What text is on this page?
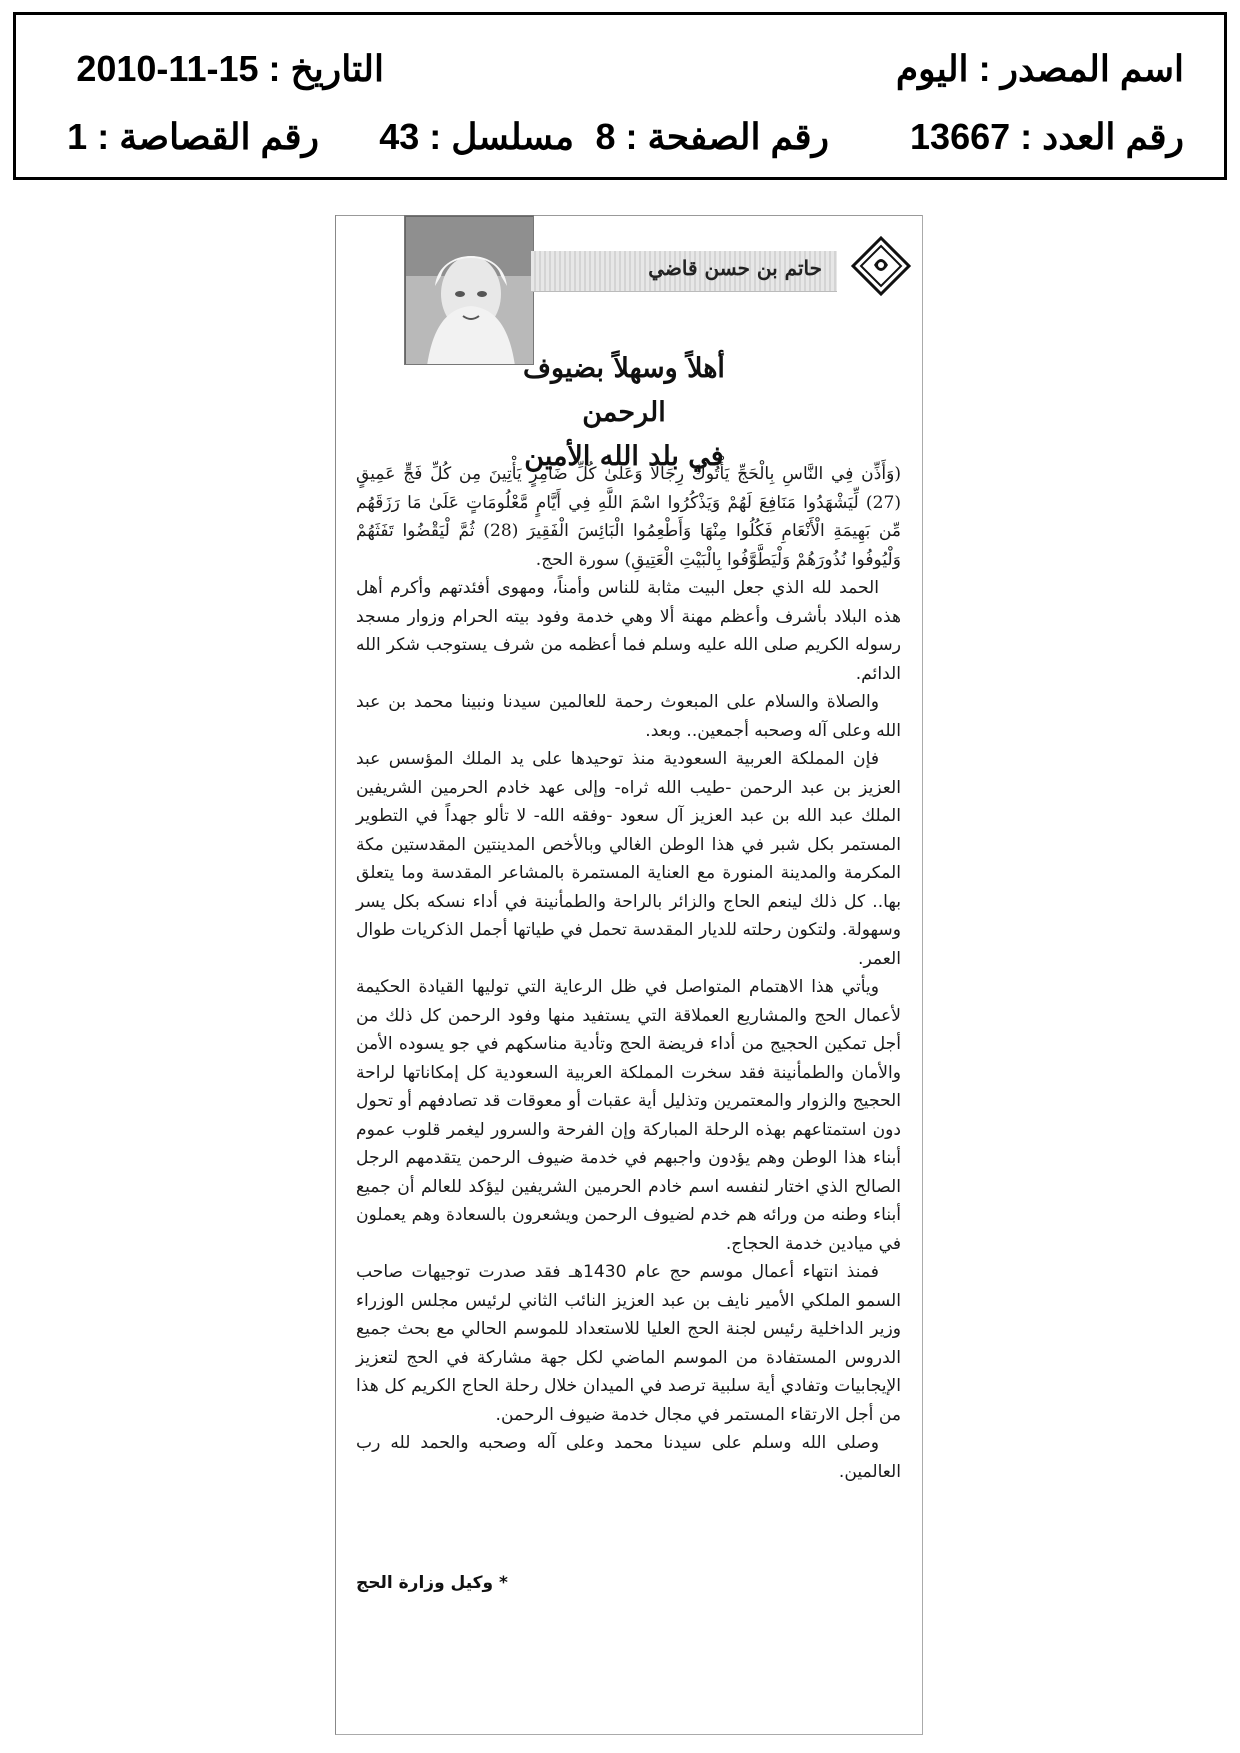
اسم المصدر : اليوم
التاريخ : 2010-11-15
رقم العدد : 13667
رقم الصفحة : 8
مسلسل : 43
رقم القصاصة : 1
حاتم بن حسن قاضي
أهلاً وسهلاً بضيوف الرحمن
في بلد الله الأمين

(وَأَذِّن فِي النَّاسِ بِالْحَجِّ يَأْتُوكَ رِجَالًا وَعَلَىٰ كُلِّ ضَامِرٍ يَأْتِينَ مِن كُلِّ فَجٍّ عَمِيقٍ (27) لِّيَشْهَدُوا مَنَافِعَ لَهُمْ وَيَذْكُرُوا اسْمَ اللَّهِ فِي أَيَّامٍ مَّعْلُومَاتٍ عَلَىٰ مَا رَزَقَهُم مِّن بَهِيمَةِ الْأَنْعَامِ فَكُلُوا مِنْهَا وَأَطْعِمُوا الْبَائِسَ الْفَقِيرَ (28) ثُمَّ لْيَقْضُوا تَفَثَهُمْ وَلْيُوفُوا نُذُورَهُمْ وَلْيَطَّوَّفُوا بِالْبَيْتِ الْعَتِيقِ) سورة الحج.

الحمد لله الذي جعل البيت مثابة للناس وأمناً، ومهوى أفئدتهم وأكرم أهل هذه البلاد بأشرف وأعظم مهنة ألا وهي خدمة وفود بيته الحرام وزوار مسجد رسوله الكريم صلى الله عليه وسلم فما أعظمه من شرف يستوجب شكر الله الدائم.

والصلاة والسلام على المبعوث رحمة للعالمين سيدنا ونبينا محمد بن عبد الله وعلى آله وصحبه أجمعين.. وبعد.

فإن المملكة العربية السعودية منذ توحيدها على يد الملك المؤسس عبد العزيز بن عبد الرحمن -طيب الله ثراه- وإلى عهد خادم الحرمين الشريفين الملك عبد الله بن عبد العزيز آل سعود -وفقه الله- لا تألو جهداً في التطوير المستمر بكل شبر في هذا الوطن الغالي وبالأخص المدينتين المقدستين مكة المكرمة والمدينة المنورة مع العناية المستمرة بالمشاعر المقدسة وما يتعلق بها.. كل ذلك لينعم الحاج والزائر بالراحة والطمأنينة في أداء نسكه بكل يسر وسهولة. ولتكون رحلته للديار المقدسة تحمل في طياتها أجمل الذكريات طوال العمر.

ويأتي هذا الاهتمام المتواصل في ظل الرعاية التي توليها القيادة الحكيمة لأعمال الحج والمشاريع العملاقة التي يستفيد منها وفود الرحمن كل ذلك من أجل تمكين الحجيج من أداء فريضة الحج وتأدية مناسكهم في جو يسوده الأمن والأمان والطمأنينة فقد سخرت المملكة العربية السعودية كل إمكاناتها لراحة الحجيج والزوار والمعتمرين وتذليل أية عقبات أو معوقات قد تصادفهم أو تحول دون استمتاعهم بهذه الرحلة المباركة وإن الفرحة والسرور ليغمر قلوب عموم أبناء هذا الوطن وهم يؤدون واجبهم في خدمة ضيوف الرحمن يتقدمهم الرجل الصالح الذي اختار لنفسه اسم خادم الحرمين الشريفين ليؤكد للعالم أن جميع أبناء وطنه من ورائه هم خدم لضيوف الرحمن ويشعرون بالسعادة وهم يعملون في ميادين خدمة الحجاج.

فمنذ انتهاء أعمال موسم حج عام 1430هـ فقد صدرت توجيهات صاحب السمو الملكي الأمير نايف بن عبد العزيز النائب الثاني لرئيس مجلس الوزراء وزير الداخلية رئيس لجنة الحج العليا للاستعداد للموسم الحالي مع بحث جميع الدروس المستفادة من الموسم الماضي لكل جهة مشاركة في الحج لتعزيز الإيجابيات وتفادي أية سلبية ترصد في الميدان خلال رحلة الحاج الكريم كل هذا من أجل الارتقاء المستمر في مجال خدمة ضيوف الرحمن.

وصلى الله وسلم على سيدنا محمد وعلى آله وصحبه والحمد لله رب العالمين.

* وكيل وزارة الحج
